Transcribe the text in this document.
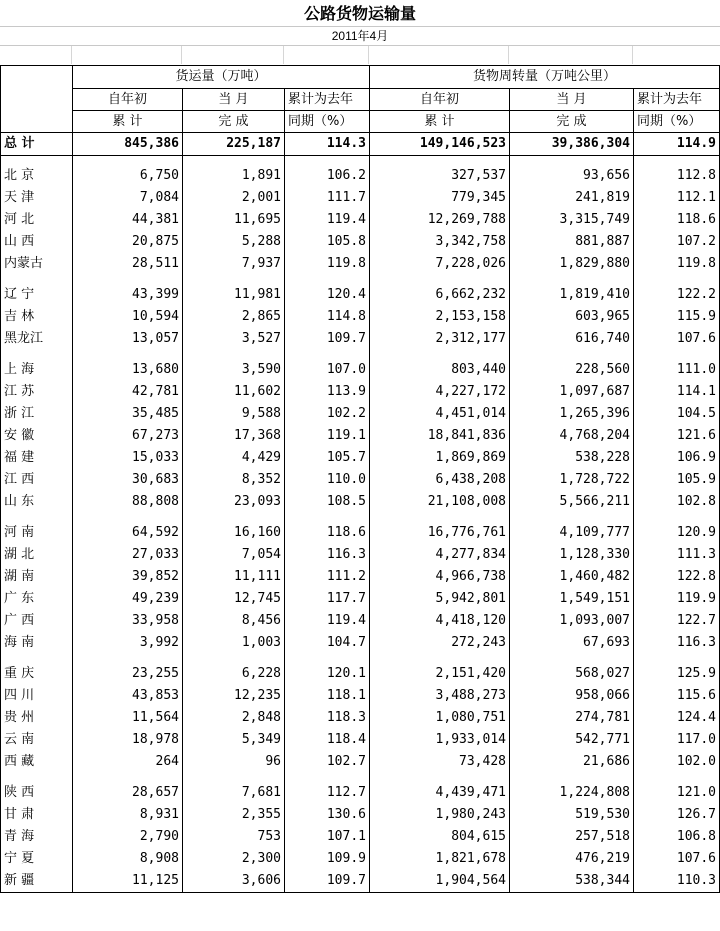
公路货物运输量
2011年4月
	货运量（万吨）			货物周转量（万吨公里）		
	自年初	当 月	累计为去年	自年初	当 月	累计为去年
	累 计	完 成	同期（%）	累 计	完 成	同期（%）
总 计	845,386	225,187	114.3	149,146,523	39,386,304	114.9

北 京	6,750	1,891	106.2	327,537	93,656	112.8
天 津	7,084	2,001	111.7	779,345	241,819	112.1
河 北	44,381	11,695	119.4	12,269,788	3,315,749	118.6
山 西	20,875	5,288	105.8	3,342,758	881,887	107.2
内蒙古	28,511	7,937	119.8	7,228,026	1,829,880	119.8

辽 宁	43,399	11,981	120.4	6,662,232	1,819,410	122.2
吉 林	10,594	2,865	114.8	2,153,158	603,965	115.9
黑龙江	13,057	3,527	109.7	2,312,177	616,740	107.6

上 海	13,680	3,590	107.0	803,440	228,560	111.0
江 苏	42,781	11,602	113.9	4,227,172	1,097,687	114.1
浙 江	35,485	9,588	102.2	4,451,014	1,265,396	104.5
安 徽	67,273	17,368	119.1	18,841,836	4,768,204	121.6
福 建	15,033	4,429	105.7	1,869,869	538,228	106.9
江 西	30,683	8,352	110.0	6,438,208	1,728,722	105.9
山 东	88,808	23,093	108.5	21,108,008	5,566,211	102.8

河 南	64,592	16,160	118.6	16,776,761	4,109,777	120.9
湖 北	27,033	7,054	116.3	4,277,834	1,128,330	111.3
湖 南	39,852	11,111	111.2	4,966,738	1,460,482	122.8
广 东	49,239	12,745	117.7	5,942,801	1,549,151	119.9
广 西	33,958	8,456	119.4	4,418,120	1,093,007	122.7
海 南	3,992	1,003	104.7	272,243	67,693	116.3

重 庆	23,255	6,228	120.1	2,151,420	568,027	125.9
四 川	43,853	12,235	118.1	3,488,273	958,066	115.6
贵 州	11,564	2,848	118.3	1,080,751	274,781	124.4
云 南	18,978	5,349	118.4	1,933,014	542,771	117.0
西 藏	264	96	102.7	73,428	21,686	102.0

陕 西	28,657	7,681	112.7	4,439,471	1,224,808	121.0
甘 肃	8,931	2,355	130.6	1,980,243	519,530	126.7
青 海	2,790	753	107.1	804,615	257,518	106.8
宁 夏	8,908	2,300	109.9	1,821,678	476,219	107.6
新 疆	11,125	3,606	109.7	1,904,564	538,344	110.3
